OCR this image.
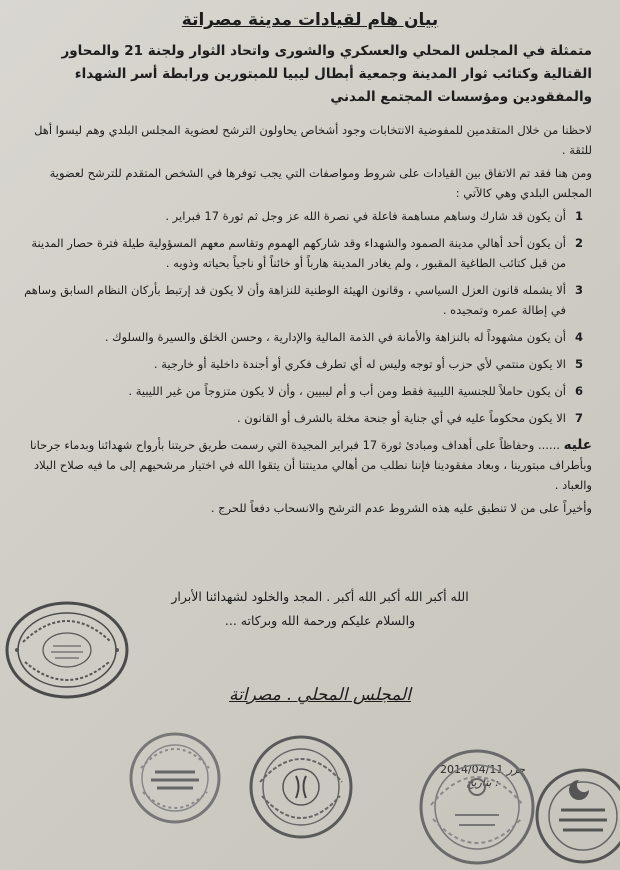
بيان هام لقيادات مدينة مصراتة
متمثلة في المجلس المحلي والعسكري والشورى واتحاد الثوار ولجنة 21 والمحاور القتالية وكتائب ثوار المدينة وجمعية أبطال ليبيا للمبتورين ورابطة أسر الشهداء والمفقودين ومؤسسات المجتمع المدني

لاحظنا من خلال المتقدمين للمفوضية الانتخابات وجود أشخاص يحاولون الترشح لعضوية المجلس البلدي وهم ليسوا أهل للثقة .

ومن هنا فقد تم الاتفاق بين القيادات على شروط ومواصفات التي يجب توفرها في الشخص المتقدم للترشح لعضوية المجلس البلدي وهي كالآتي :

1
أن يكون قد شارك وساهم مساهمة فاعلة في نصرة الله عز وجل ثم ثورة 17 فبراير .
2
أن يكون أحد أهالي مدينة الصمود والشهداء وقد شاركهم الهموم وتقاسم معهم المسؤولية طيلة فترة حصار المدينة من قبل كتائب الطاغية المقبور ، ولم يغادر المدينة هارباً أو خائناً أو ناجياً بحياته وذويه .
3
ألا يشمله قانون العزل السياسي ، وقانون الهيئة الوطنية للنزاهة وأن لا يكون قد إرتبط بأركان النظام السابق وساهم في إطالة عمره وتمجيده .
4
أن يكون مشهوداً له بالنزاهة والأمانة في الذمة المالية والإدارية ، وحسن الخلق والسيرة والسلوك .
5
الا يكون منتمي لأي حزب أو توجه وليس له أي تطرف فكري أو أجندة داخلية أو خارجية .
6
أن يكون حاملاً للجنسية الليبية فقط ومن أب و أم ليبيين ، وأن لا يكون متزوجاً من غير الليبية .
7
الا يكون محكوماً عليه في أي جناية أو جنحة مخلة بالشرف أو القانون .

عليه ...... وحفاظاً على أهداف ومبادئ ثورة 17 فبراير المجيدة التي رسمت طريق حريتنا بأرواح شهدائنا وبدماء جرحانا وبأطراف مبتورينا ، وبعاد مفقودينا فإننا نطلب من أهالي مدينتنا أن يتقوا الله في اختيار مرشحيهم إلى ما فيه صلاح البلاد والعباد .

وأخيراً على من لا تنطبق عليه هذه الشروط عدم الترشح والانسحاب دفعاً للحرج .

الله أكبر الله أكبر الله أكبر . المجد والخلود لشهدائنا الأبرار
والسلام عليكم ورحمة الله وبركاته ...
المجلس المحلي . مصراتة
2014/04/11 حرر بتاريخ :
